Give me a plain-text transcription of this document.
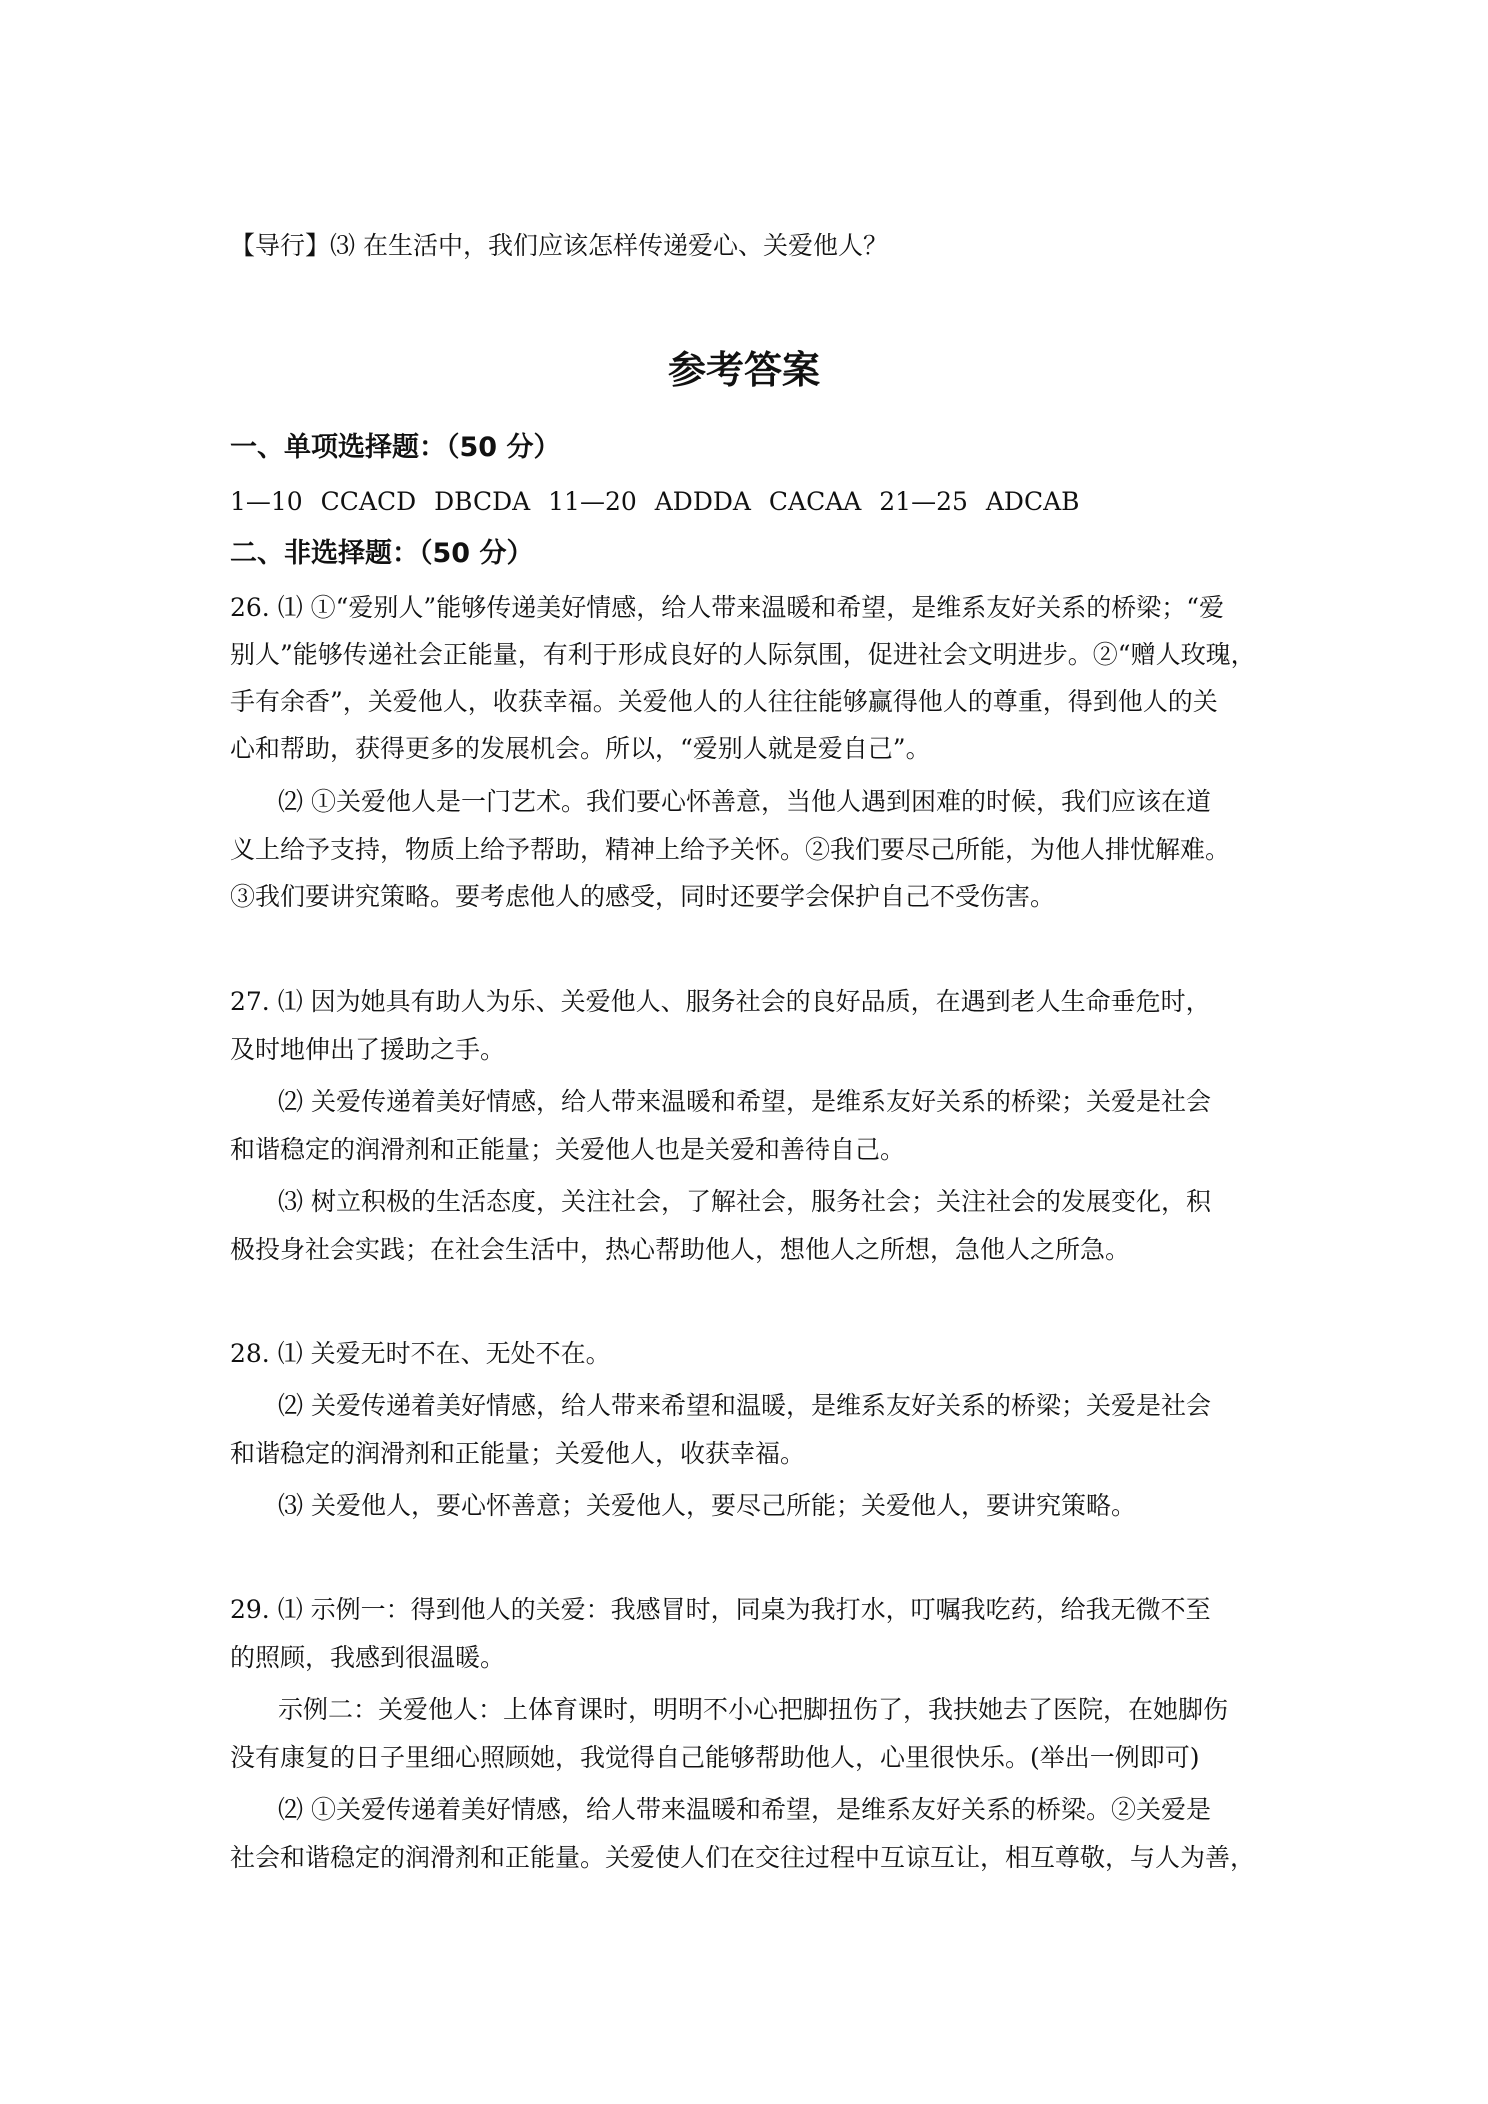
【导行】⑶ 在生活中，我们应该怎样传递爱心、关爱他人？

参考答案
一、单项选择题：（50 分）

1—10 CCACD DBCDA 11—20 ADDDA CACAA 21—25 ADCAB

二、非选择题：（50 分）

26. ⑴ ①“爱别人”能够传递美好情感，给人带来温暖和希望，是维系友好关系的桥梁；“爱

别人”能够传递社会正能量，有利于形成良好的人际氛围，促进社会文明进步。②“赠人玫瑰，

手有余香”，关爱他人，收获幸福。关爱他人的人往往能够赢得他人的尊重，得到他人的关

心和帮助，获得更多的发展机会。所以，“爱别人就是爱自己”。

⑵ ①关爱他人是一门艺术。我们要心怀善意，当他人遇到困难的时候，我们应该在道

义上给予支持，物质上给予帮助，精神上给予关怀。②我们要尽己所能，为他人排忧解难。

③我们要讲究策略。要考虑他人的感受，同时还要学会保护自己不受伤害。

27. ⑴ 因为她具有助人为乐、关爱他人、服务社会的良好品质，在遇到老人生命垂危时，

及时地伸出了援助之手。

⑵ 关爱传递着美好情感，给人带来温暖和希望，是维系友好关系的桥梁；关爱是社会

和谐稳定的润滑剂和正能量；关爱他人也是关爱和善待自己。

⑶ 树立积极的生活态度，关注社会，了解社会，服务社会；关注社会的发展变化，积

极投身社会实践；在社会生活中，热心帮助他人，想他人之所想，急他人之所急。

28. ⑴ 关爱无时不在、无处不在。

⑵ 关爱传递着美好情感，给人带来希望和温暖，是维系友好关系的桥梁；关爱是社会

和谐稳定的润滑剂和正能量；关爱他人，收获幸福。

⑶ 关爱他人，要心怀善意；关爱他人，要尽己所能；关爱他人，要讲究策略。

29. ⑴ 示例一：得到他人的关爱：我感冒时，同桌为我打水，叮嘱我吃药，给我无微不至

的照顾，我感到很温暖。

示例二：关爱他人：上体育课时，明明不小心把脚扭伤了，我扶她去了医院，在她脚伤

没有康复的日子里细心照顾她，我觉得自己能够帮助他人，心里很快乐。(举出一例即可)

⑵ ①关爱传递着美好情感，给人带来温暖和希望，是维系友好关系的桥梁。②关爱是

社会和谐稳定的润滑剂和正能量。关爱使人们在交往过程中互谅互让，相互尊敬，与人为善，
